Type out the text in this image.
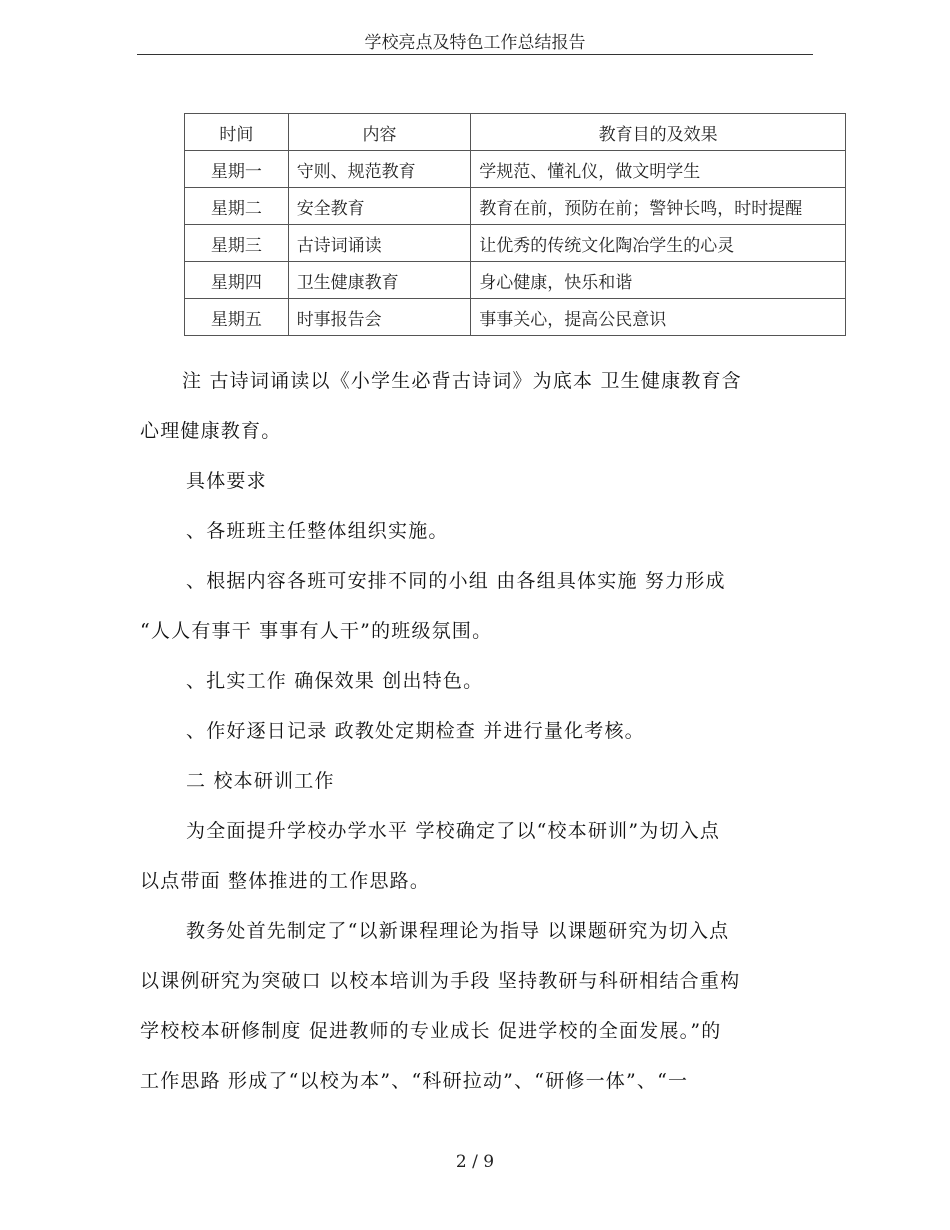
学校亮点及特色工作总结报告
时间	内容	教育目的及效果
星期一	守则、规范教育	学规范、懂礼仪，做文明学生
星期二	安全教育	教育在前，预防在前；警钟长鸣，时时提醒
星期三	古诗词诵读	让优秀的传统文化陶冶学生的心灵
星期四	卫生健康教育	身心健康，快乐和谐
星期五	时事报告会	事事关心，提高公民意识

注 古诗词诵读以《小学生必背古诗词》为底本 卫生健康教育含

心理健康教育。

具体要求

、各班班主任整体组织实施。

、根据内容各班可安排不同的小组 由各组具体实施 努力形成

“人人有事干 事事有人干”的班级氛围。

、扎实工作 确保效果 创出特色。

、作好逐日记录 政教处定期检查 并进行量化考核。

二 校本研训工作

为全面提升学校办学水平 学校确定了以“校本研训”为切入点

以点带面 整体推进的工作思路。

教务处首先制定了“以新课程理论为指导 以课题研究为切入点

以课例研究为突破口 以校本培训为手段 坚持教研与科研相结合重构

学校校本研修制度 促进教师的专业成长 促进学校的全面发展。”的

工作思路 形成了“以校为本”、“科研拉动”、“研修一体”、“一

2 / 9
